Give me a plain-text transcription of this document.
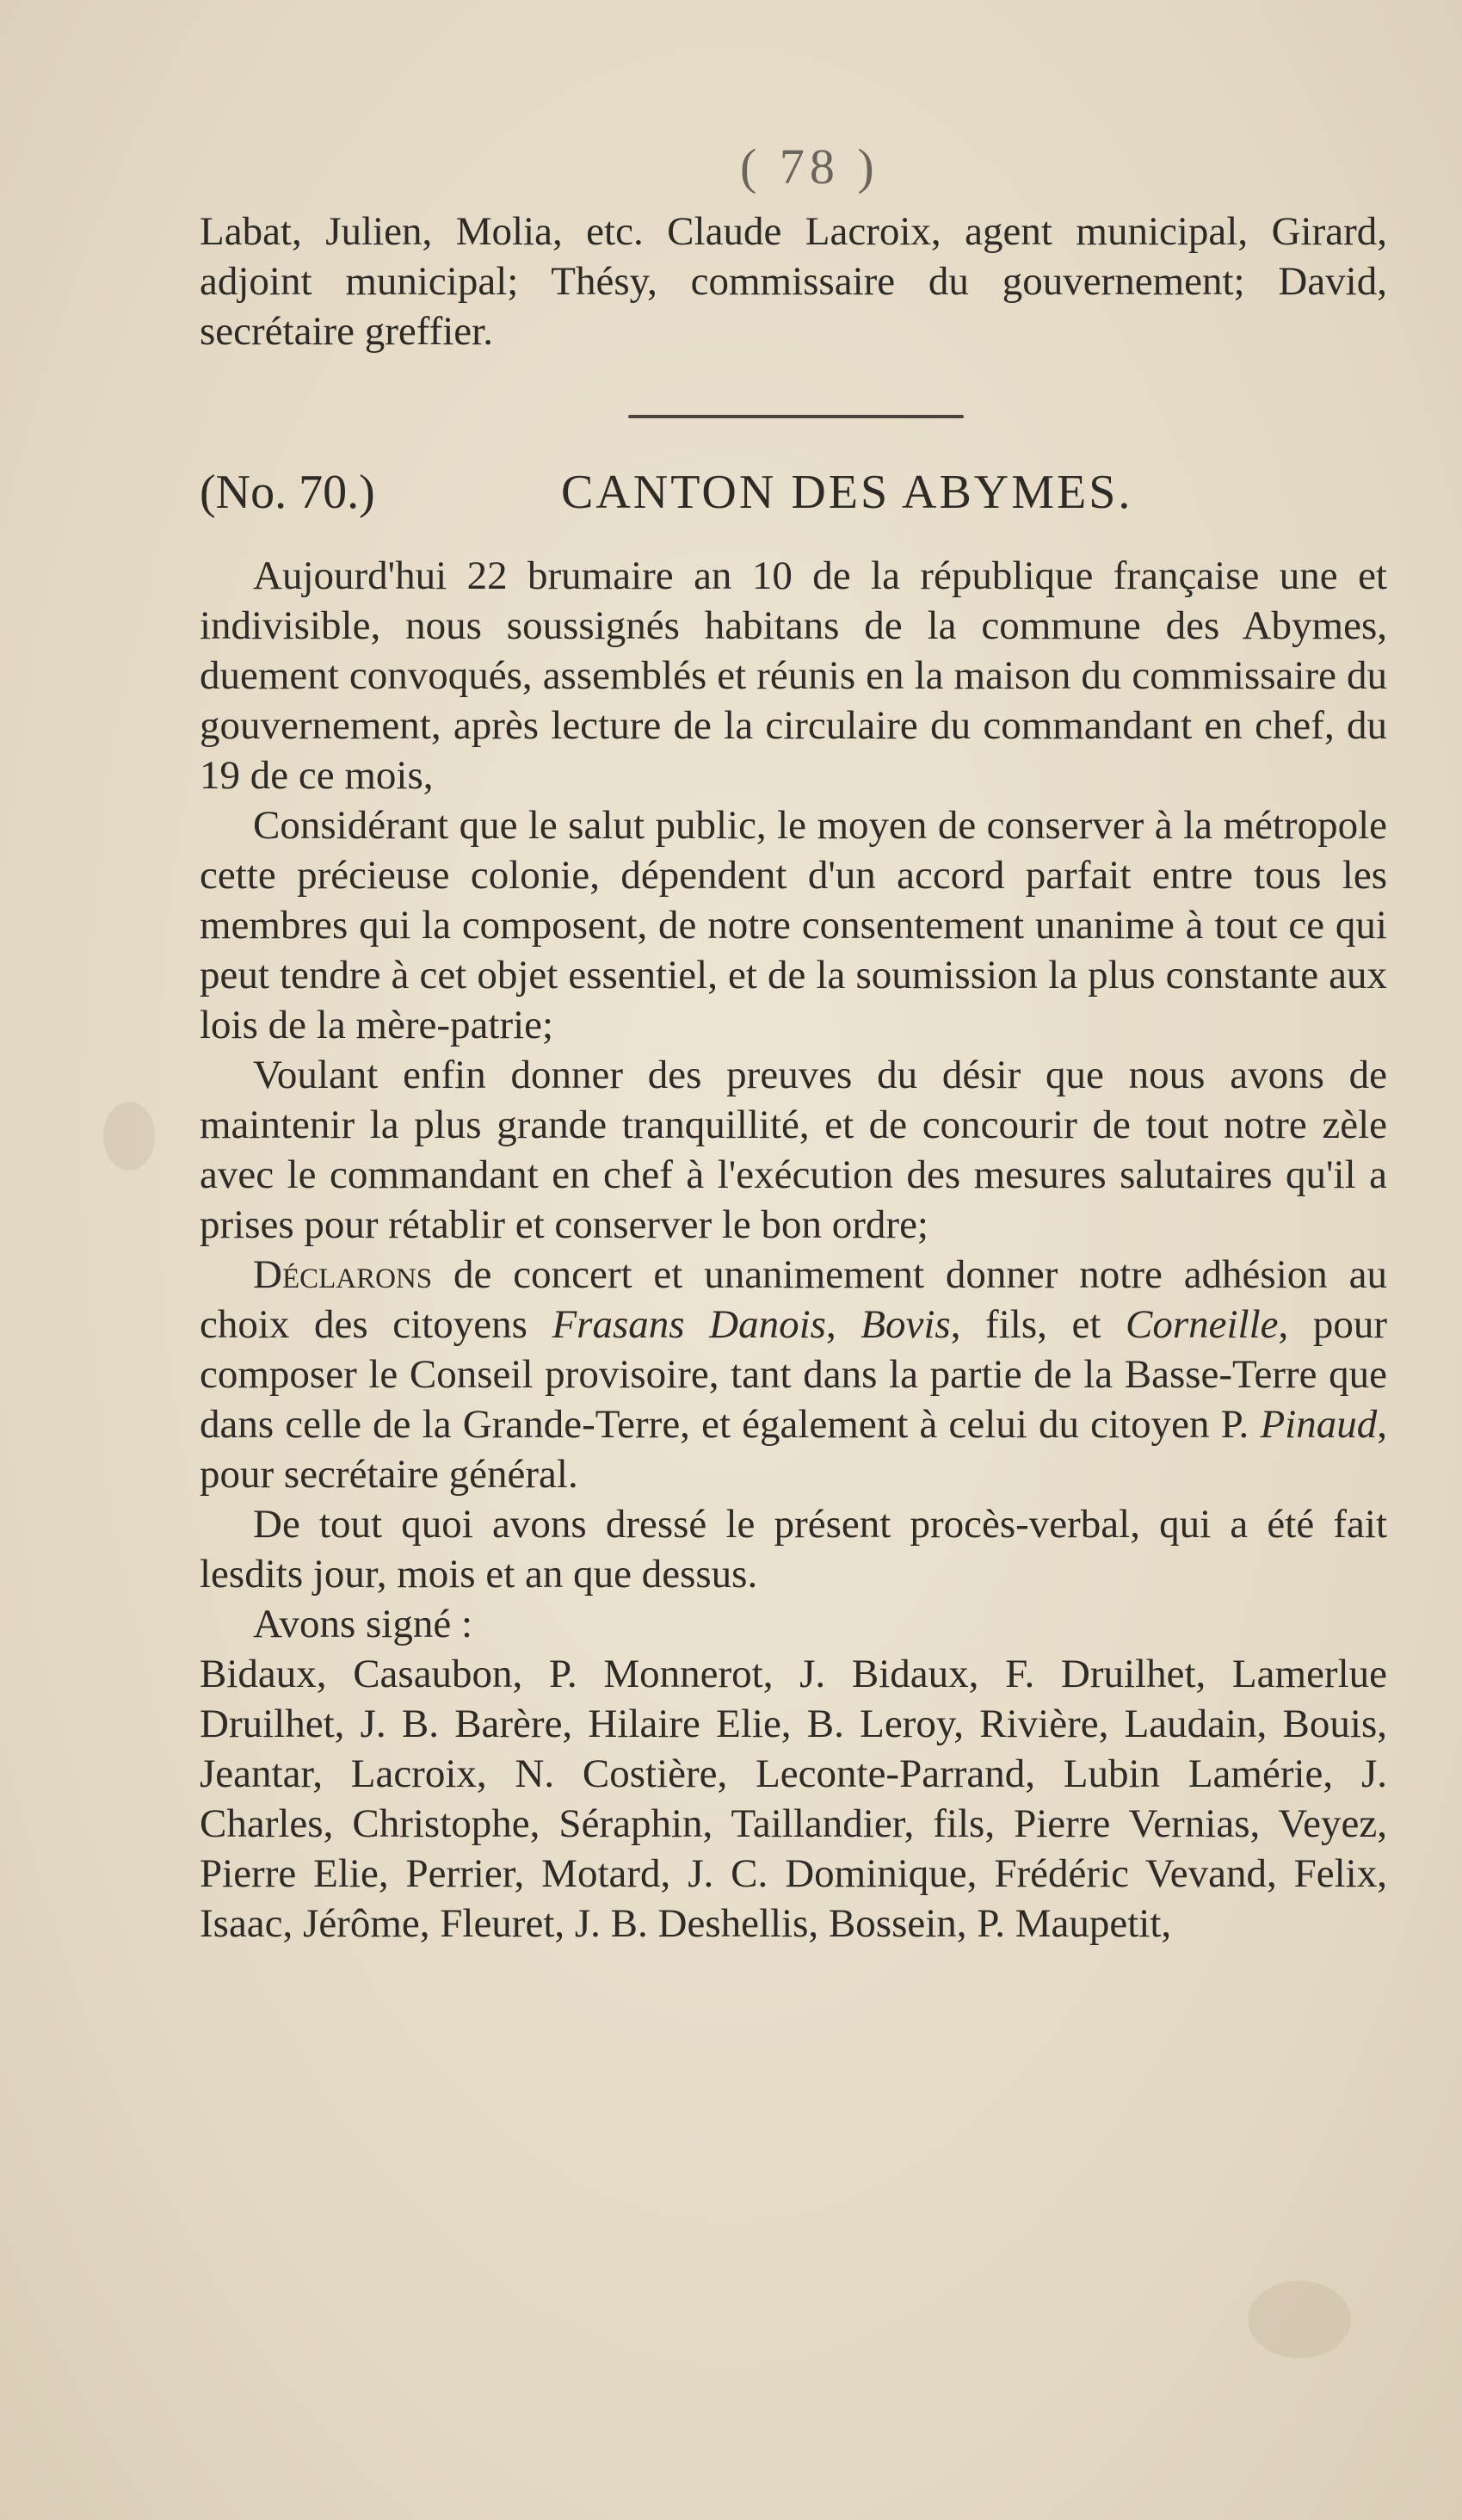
( 78 )

Labat, Julien, Molia, etc. Claude Lacroix, agent municipal, Girard, adjoint municipal; Thésy, commissaire du gouvernement; David, secrétaire greffier.

(No. 70.)	CANTON DES ABYMES.

Aujourd'hui 22 brumaire an 10 de la république française une et indivisible, nous soussignés habitans de la commune des Abymes, duement convoqués, assemblés et réunis en la maison du commissaire du gouvernement, après lecture de la circulaire du commandant en chef, du 19 de ce mois,

Considérant que le salut public, le moyen de conserver à la métropole cette précieuse colonie, dépendent d'un accord parfait entre tous les membres qui la composent, de notre consentement unanime à tout ce qui peut tendre à cet objet essentiel, et de la soumission la plus constante aux lois de la mère-patrie;

Voulant enfin donner des preuves du désir que nous avons de maintenir la plus grande tranquillité, et de concourir de tout notre zèle avec le commandant en chef à l'exécution des mesures salutaires qu'il a prises pour rétablir et conserver le bon ordre;

Déclarons de concert et unanimement donner notre adhésion au choix des citoyens Frasans Danois, Bovis, fils, et Corneille, pour composer le Conseil provisoire, tant dans la partie de la Basse-Terre que dans celle de la Grande-Terre, et également à celui du citoyen P. Pinaud, pour secrétaire général.

De tout quoi avons dressé le présent procès-verbal, qui a été fait lesdits jour, mois et an que dessus.

Avons signé :

Bidaux, Casaubon, P. Monnerot, J. Bidaux, F. Druilhet, Lamerlue Druilhet, J. B. Barère, Hilaire Elie, B. Leroy, Rivière, Laudain, Bouis, Jeantar, Lacroix, N. Costière, Leconte-Parrand, Lubin Lamérie, J. Charles, Christophe, Séraphin, Taillandier, fils, Pierre Vernias, Veyez, Pierre Elie, Perrier, Motard, J. C. Dominique, Frédéric Vevand, Felix, Isaac, Jérôme, Fleuret, J. B. Deshellis, Bossein, P. Maupetit,
